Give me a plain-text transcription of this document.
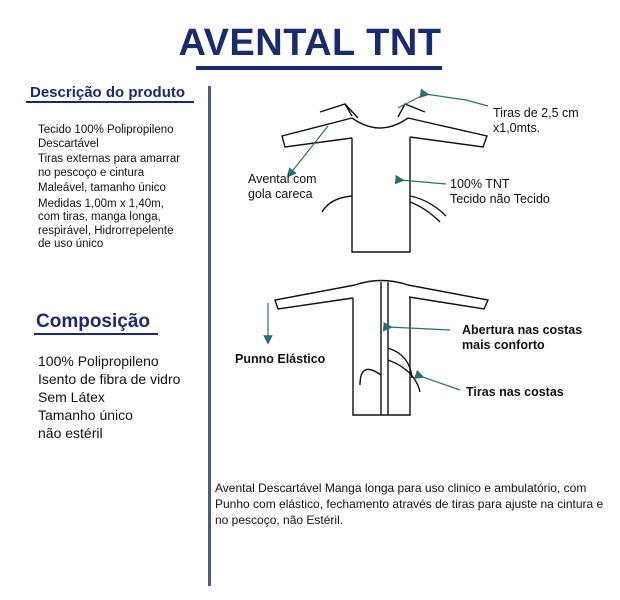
AVENTAL TNT
Descrição do produto
Tecido 100% Polipropileno
Descartável
Tiras externas para amarrar
no pescoço e cintura
Maleável, tamanho único
Medidas 1,00m x 1,40m,
com tiras, manga longa,
respirável, Hidrorrepelente
de uso único
Composição
100% Polipropileno
Isento de fibra de vidro
Sem Látex
Tamanho único
não estéril
Tiras de 2,5 cm
x1,0mts.
Avental com
gola careca
100% TNT
Tecido não Tecido
Abertura nas costas
mais conforto
Punno Elástico
Tiras nas costas
Avental Descartável Manga longa para uso clinico e ambulatório, com Punho com elástico, fechamento através de tiras para ajuste na cintura e no pescoço, não Estéril.
